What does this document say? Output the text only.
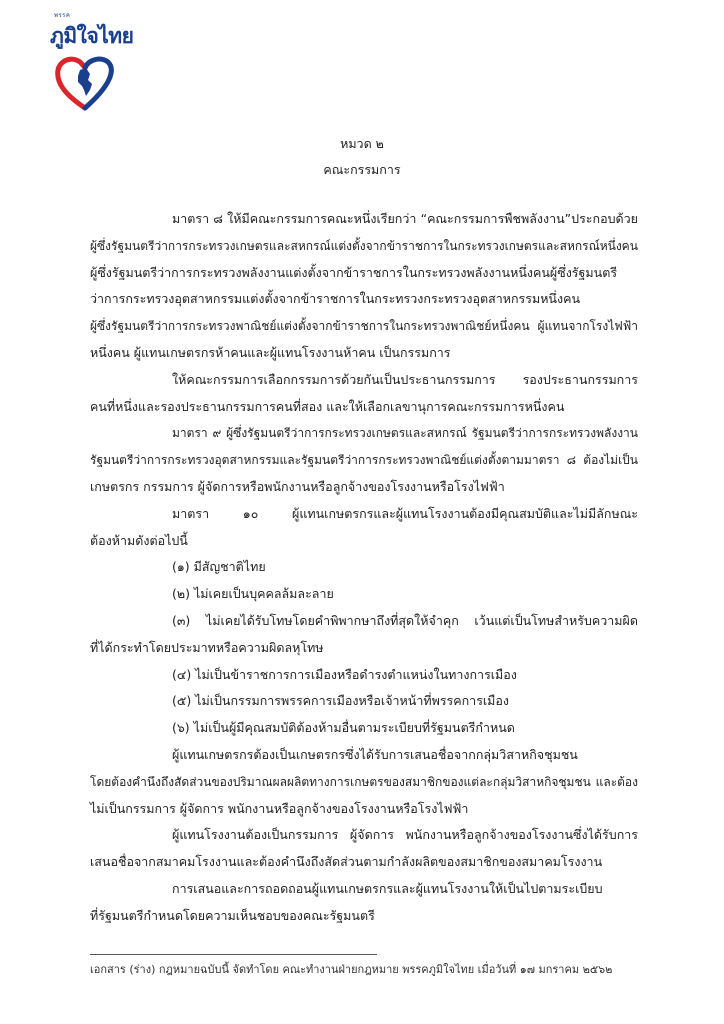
พรรค
ภูมิใจไทย
หมวด ๒
คณะกรรมการ
มาตรา ๘ ให้มีคณะกรรมการคณะหนึ่งเรียกว่า “คณะกรรมการพืชพลังงาน”ประกอบด้วย
ผู้ซึ่งรัฐมนตรีว่าการกระทรวงเกษตรและสหกรณ์แต่งตั้งจากข้าราชการในกระทรวงเกษตรและสหกรณ์หนึ่งคน
ผู้ซึ่งรัฐมนตรีว่าการกระทรวงพลังงานแต่งตั้งจากข้าราชการในกระทรวงพลังงานหนึ่งคนผู้ซึ่งรัฐมนตรี
ว่าการกระทรวงอุตสาหกรรมแต่งตั้งจากข้าราชการในกระทรวงกระทรวงอุตสาหกรรมหนึ่งคน
ผู้ซึ่งรัฐมนตรีว่าการกระทรวงพาณิชย์แต่งตั้งจากข้าราชการในกระทรวงพาณิชย์หนึ่งคน ผู้แทนจากโรงไฟฟ้า
หนึ่งคน ผู้แทนเกษตรกรห้าคนและผู้แทนโรงงานห้าคน เป็นกรรมการ
ให้คณะกรรมการเลือกกรรมการด้วยกันเป็นประธานกรรมการ รองประธานกรรมการ
คนที่หนึ่งและรองประธานกรรมการคนที่สอง และให้เลือกเลขานุการคณะกรรมการหนึ่งคน
มาตรา ๙ ผู้ซึ่งรัฐมนตรีว่าการกระทรวงเกษตรและสหกรณ์ รัฐมนตรีว่าการกระทรวงพลังงาน
รัฐมนตรีว่าการกระทรวงอุตสาหกรรมและรัฐมนตรีว่าการกระทรวงพาณิชย์แต่งตั้งตามมาตรา ๘ ต้องไม่เป็น
เกษตรกร กรรมการ ผู้จัดการหรือพนักงานหรือลูกจ้างของโรงงานหรือโรงไฟฟ้า
มาตรา ๑๐ ผู้แทนเกษตรกรและผู้แทนโรงงานต้องมีคุณสมบัติและไม่มีลักษณะ
ต้องห้ามดังต่อไปนี้
(๑) มีสัญชาติไทย
(๒) ไม่เคยเป็นบุคคลล้มละลาย
(๓) ไม่เคยได้รับโทษโดยคำพิพากษาถึงที่สุดให้จำคุก เว้นแต่เป็นโทษสำหรับความผิด
ที่ได้กระทำโดยประมาทหรือความผิดลหุโทษ
(๔) ไม่เป็นข้าราชการการเมืองหรือดำรงตำแหน่งในทางการเมือง
(๕) ไม่เป็นกรรมการพรรคการเมืองหรือเจ้าหน้าที่พรรคการเมือง
(๖) ไม่เป็นผู้มีคุณสมบัติต้องห้ามอื่นตามระเบียบที่รัฐมนตรีกำหนด
ผู้แทนเกษตรกรต้องเป็นเกษตรกรซึ่งได้รับการเสนอชื่อจากกลุ่มวิสาหกิจชุมชน
โดยต้องคำนึงถึงสัดส่วนของปริมาณผลผลิตทางการเกษตรของสมาชิกของแต่ละกลุ่มวิสาหกิจชุมชน และต้อง
ไม่เป็นกรรมการ ผู้จัดการ พนักงานหรือลูกจ้างของโรงงานหรือโรงไฟฟ้า
ผู้แทนโรงงานต้องเป็นกรรมการ ผู้จัดการ พนักงานหรือลูกจ้างของโรงงานซึ่งได้รับการ
เสนอชื่อจากสมาคมโรงงานและต้องคำนึงถึงสัดส่วนตามกำลังผลิตของสมาชิกของสมาคมโรงงาน
การเสนอและการถอดถอนผู้แทนเกษตรกรและผู้แทนโรงงานให้เป็นไปตามระเบียบ
ที่รัฐมนตรีกำหนดโดยความเห็นชอบของคณะรัฐมนตรี
เอกสาร (ร่าง) กฎหมายฉบับนี้ จัดทำโดย คณะทำงานฝ่ายกฎหมาย พรรคภูมิใจไทย เมื่อวันที่ ๑๗ มกราคม ๒๕๖๒
